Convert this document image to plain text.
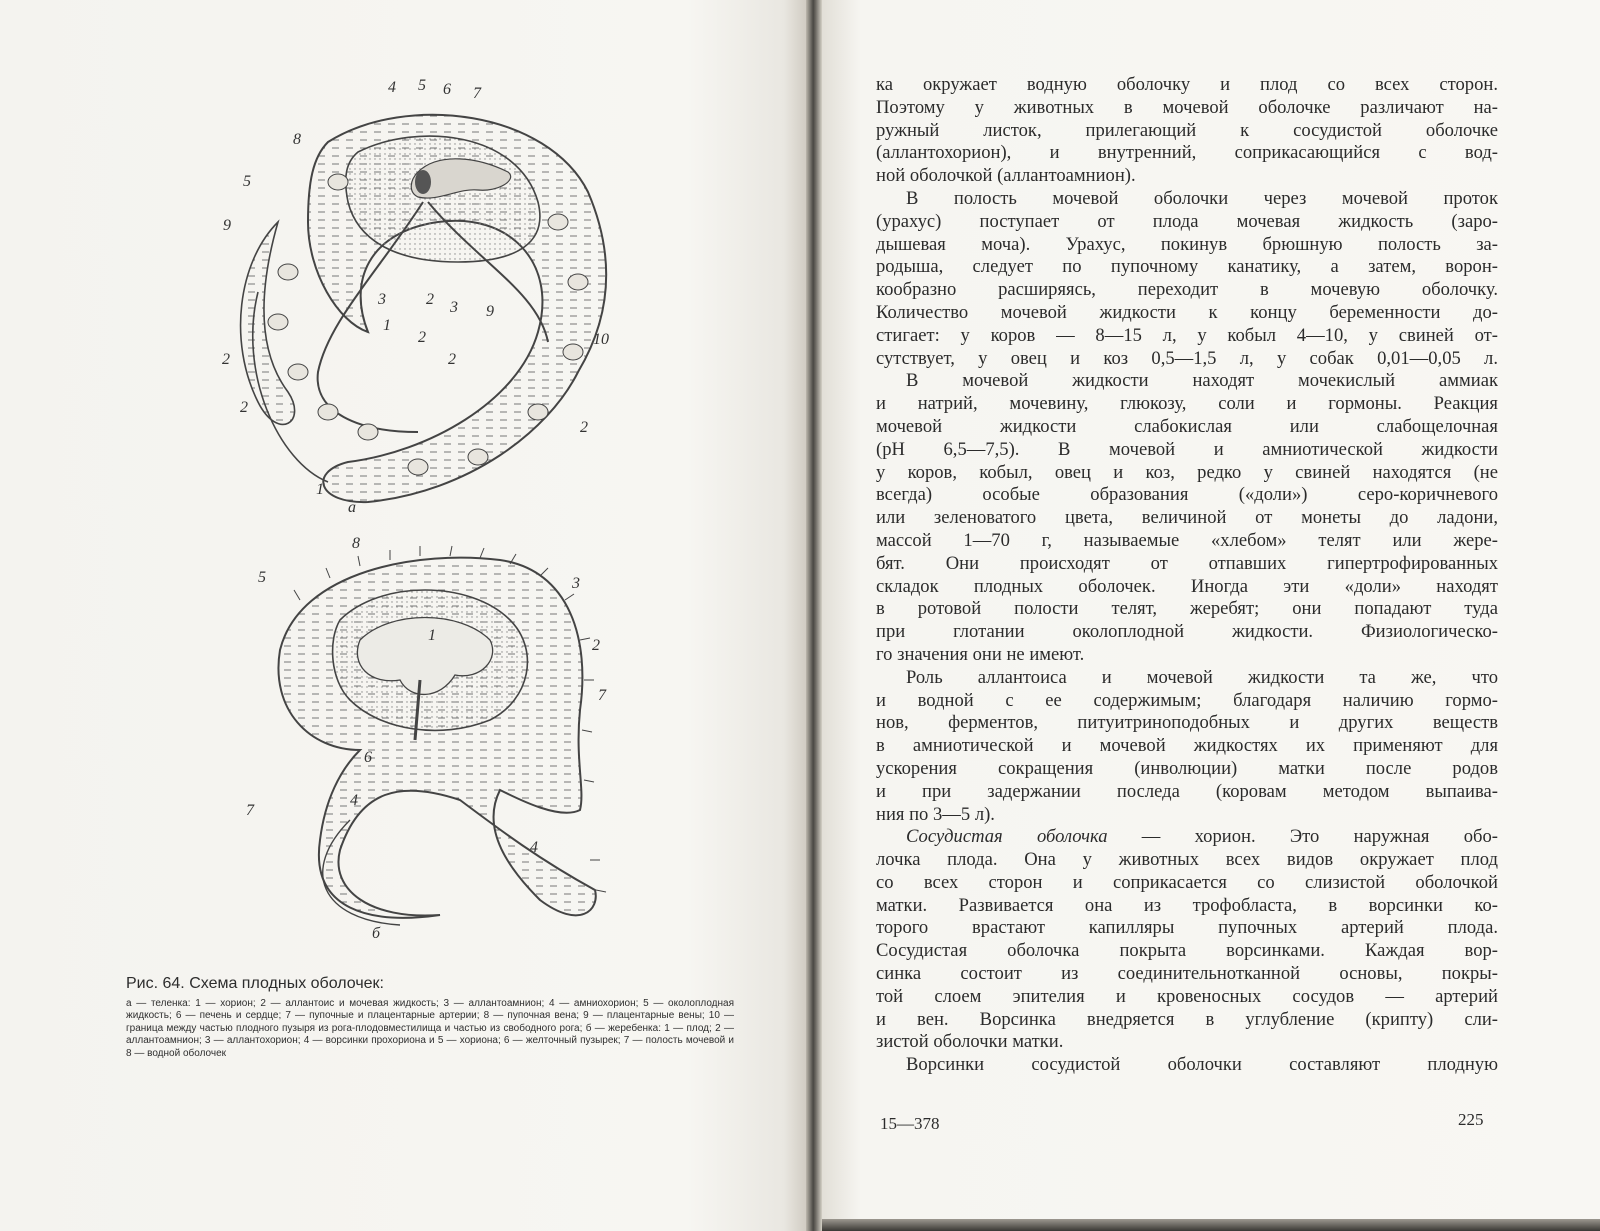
4 5 6 7
8
5
9
3	2 3
1
2
9
10
2	2
2
2
1
а
8
5	3
1
2
7
6
7
4
4
б
Рис. 64. Схема плодных оболочек:
а — теленка: 1 — хорион; 2 — аллантоис и мочевая жидкость; 3 — аллантоамнион; 4 — амниохорион; 5 — околоплодная жидкость; 6 — печень и сердце; 7 — пупочные и плацентарные артерии; 8 — пупочная вена; 9 — плацентарные вены; 10 — граница между частью плодного пузыря из рога-плодовместилища и частью из свободного рога; б — жеребенка: 1 — плод; 2 — аллантоамнион; 3 — аллантохорион; 4 — ворсинки прохориона и 5 — хориона; 6 — желточный пузырек; 7 — полость мочевой и 8 — водной оболочек
ка окружает водную оболочку и плод со всех сторон.
Поэтому у животных в мочевой оболочке различают на-
ружный листок, прилегающий к сосудистой оболочке
(аллантохорион), и внутренний, соприкасающийся с вод-
ной оболочкой (аллантоамнион).
В полость мочевой оболочки через мочевой проток
(урахус) поступает от плода мочевая жидкость (заро-
дышевая моча). Урахус, покинув брюшную полость за-
родыша, следует по пупочному канатику, а затем, ворон-
кообразно расширяясь, переходит в мочевую оболочку.
Количество мочевой жидкости к концу беременности до-
стигает: у коров — 8—15 л, у кобыл 4—10, у свиней от-
сутствует, у овец и коз 0,5—1,5 л, у собак 0,01—0,05 л.
В мочевой жидкости находят мочекислый аммиак
и натрий, мочевину, глюкозу, соли и гормоны. Реакция
мочевой жидкости слабокислая или слабощелочная
(рН 6,5—7,5). В мочевой и амниотической жидкости
у коров, кобыл, овец и коз, редко у свиней находятся (не
всегда) особые образования («доли») серо-коричневого
или зеленоватого цвета, величиной от монеты до ладони,
массой 1—70 г, называемые «хлебом» телят или жере-
бят. Они происходят от отпавших гипертрофированных
складок плодных оболочек. Иногда эти «доли» находят
в ротовой полости телят, жеребят; они попадают туда
при глотании околоплодной жидкости. Физиологическо-
го значения они не имеют.
Роль аллантоиса и мочевой жидкости та же, что
и водной с ее содержимым; благодаря наличию гормо-
нов, ферментов, питуитриноподобных и других веществ
в амниотической и мочевой жидкостях их применяют для
ускорения сокращения (инволюции) матки после родов
и при задержании последа (коровам методом выпаива-
ния по 3—5 л).
Сосудистая оболочка — хорион. Это наружная обо-
лочка плода. Она у животных всех видов окружает плод
со всех сторон и соприкасается со слизистой оболочкой
матки. Развивается она из трофобласта, в ворсинки ко-
торого врастают капилляры пупочных артерий плода.
Сосудистая оболочка покрыта ворсинками. Каждая вор-
синка состоит из соединительнотканной основы, покры-
той слоем эпителия и кровеносных сосудов — артерий
и вен. Ворсинка внедряется в углубление (крипту) сли-
зистой оболочки матки.
Ворсинки сосудистой оболочки составляют плодную
15—378	225
